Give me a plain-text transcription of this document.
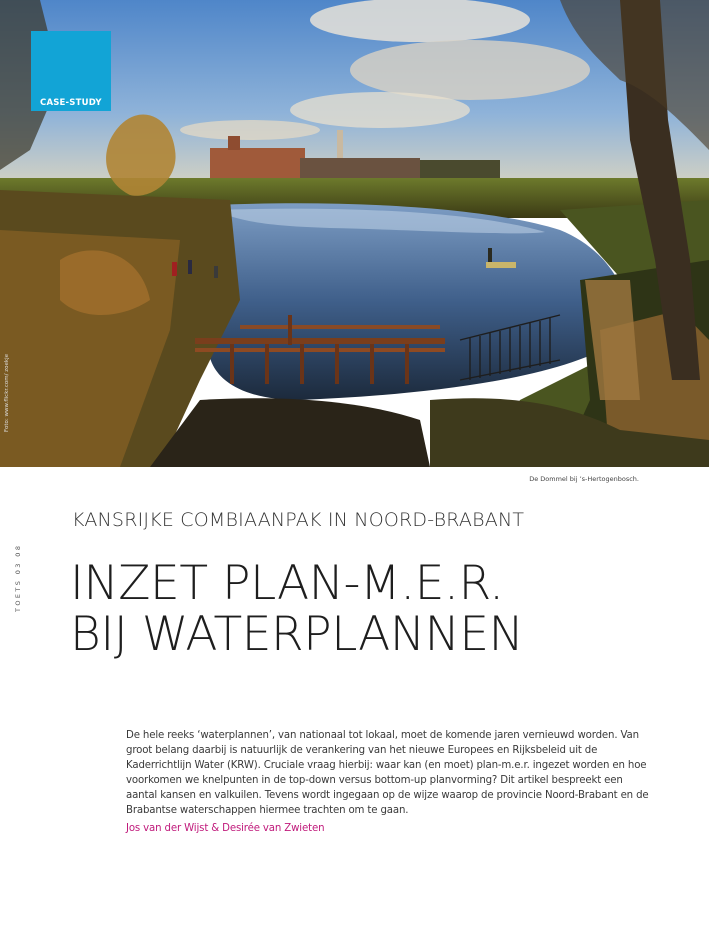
CASE-STUDY
Foto: www.flickr.com/ zoekje
De Dommel bij ’s-Hertogenbosch.
TOETS 03 08
KANSRIJKE COMBIAANPAK IN NOORD-BRABANT
INZET PLAN-M.E.R.
BIJ WATERPLANNEN
De hele reeks ‘waterplannen’, van nationaal tot lokaal, moet de komende jaren vernieuwd worden. Van groot belang daarbij is natuurlijk de verankering van het nieuwe Europees en Rijksbeleid uit de Kaderrichtlijn Water (KRW). Cruciale vraag hierbij: waar kan (en moet) plan-m.e.r. ingezet worden en hoe voorkomen we knelpunten in de top-down versus bottom-up planvorming? Dit artikel bespreekt een aantal kansen en valkuilen. Tevens wordt ingegaan op de wijze waarop de provincie Noord-Brabant en de Brabantse waterschappen hiermee trachten om te gaan.
Jos van der Wijst & Desirée van Zwieten
